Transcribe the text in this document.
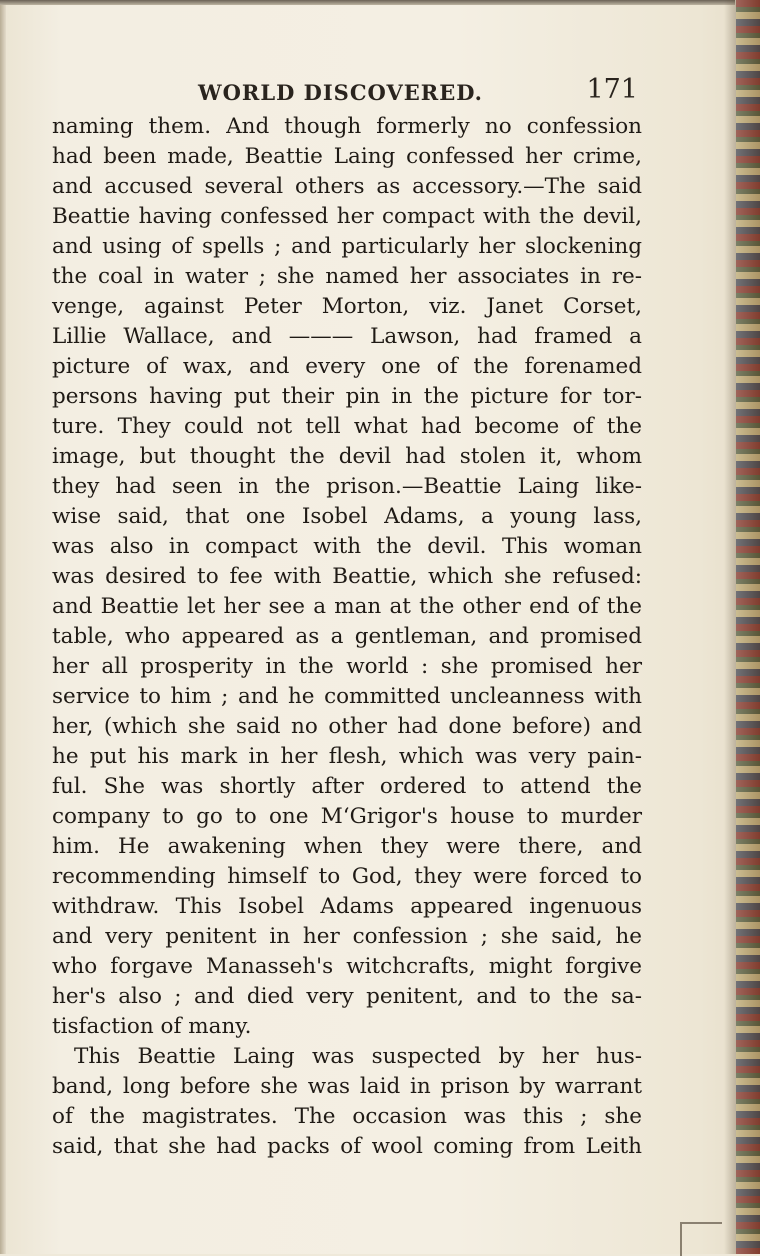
WORLD DISCOVERED.	171
naming them. And though formerly no confession
had been made, Beattie Laing confessed her crime,
and accused several others as accessory.—The said
Beattie having confessed her compact with the devil,
and using of spells ; and particularly her slockening
the coal in water ; she named her associates in re-
venge, against Peter Morton, viz. Janet Corset,
Lillie Wallace, and ——— Lawson, had framed a
picture of wax, and every one of the forenamed
persons having put their pin in the picture for tor-
ture. They could not tell what had become of the
image, but thought the devil had stolen it, whom
they had seen in the prison.—Beattie Laing like-
wise said, that one Isobel Adams, a young lass,
was also in compact with the devil. This woman
was desired to fee with Beattie, which she refused:
and Beattie let her see a man at the other end of the
table, who appeared as a gentleman, and promised
her all prosperity in the world : she promised her
service to him ; and he committed uncleanness with
her, (which she said no other had done before) and
he put his mark in her flesh, which was very pain-
ful. She was shortly after ordered to attend the
company to go to one M‘Grigor's house to murder
him. He awakening when they were there, and
recommending himself to God, they were forced to
withdraw. This Isobel Adams appeared ingenuous
and very penitent in her confession ; she said, he
who forgave Manasseh's witchcrafts, might forgive
her's also ; and died very penitent, and to the sa-
tisfaction of many.
This Beattie Laing was suspected by her hus-
band, long before she was laid in prison by warrant
of the magistrates. The occasion was this ; she
said, that she had packs of wool coming from Leith
